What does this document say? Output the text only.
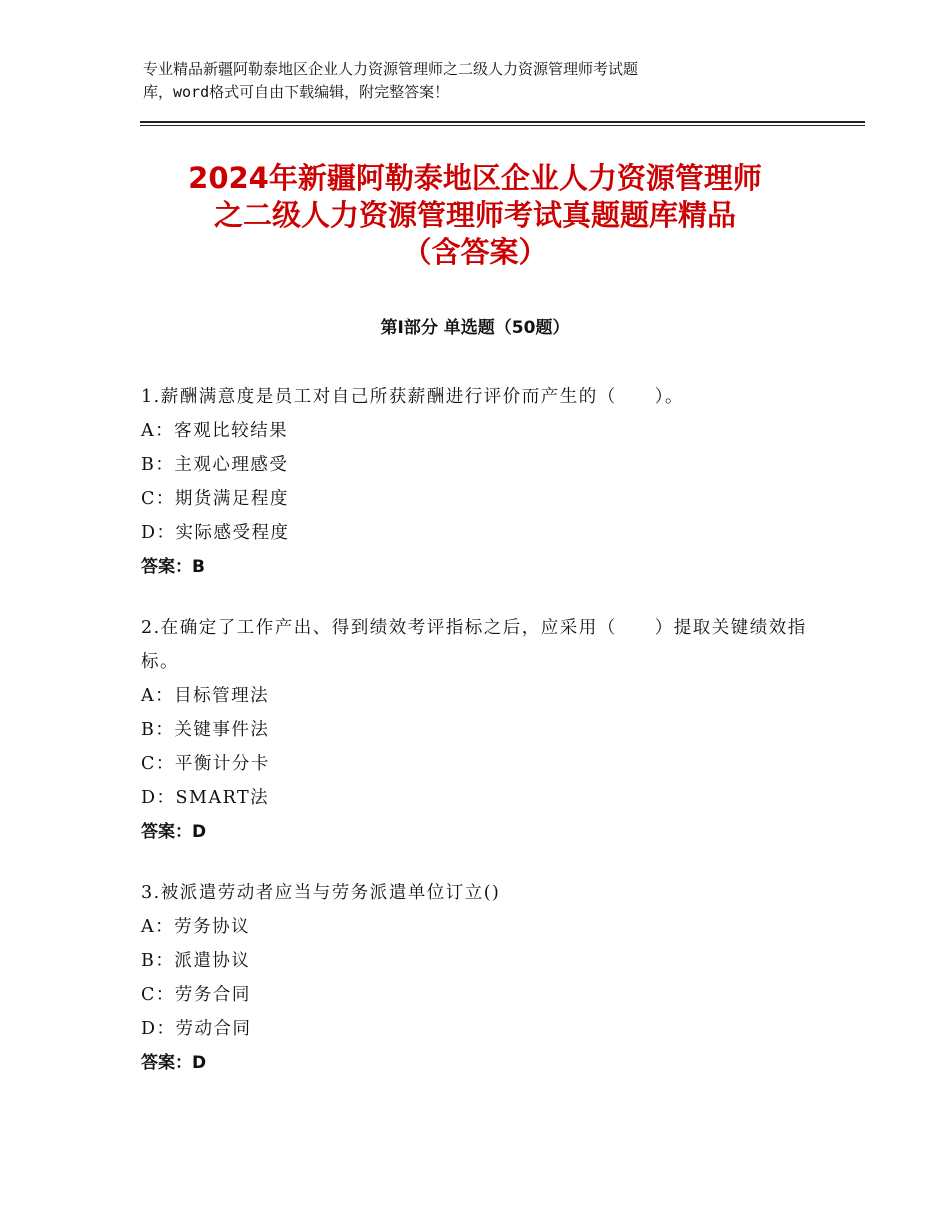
专业精品新疆阿勒泰地区企业人力资源管理师之二级人力资源管理师考试题
库，word格式可自由下载编辑，附完整答案！
2024年新疆阿勒泰地区企业人力资源管理师
之二级人力资源管理师考试真题题库精品
（含答案）
第Ⅰ部分 单选题（50题）
1.薪酬满意度是员工对自己所获薪酬进行评价而产生的（　　）。
A：客观比较结果
B：主观心理感受
C：期货满足程度
D：实际感受程度
答案：B
2.在确定了工作产出、得到绩效考评指标之后，应采用（　　）提取关键绩效指标。
A：目标管理法
B：关键事件法
C：平衡计分卡
D：SMART法
答案：D
3.被派遣劳动者应当与劳务派遣单位订立()
A：劳务协议
B：派遣协议
C：劳务合同
D：劳动合同
答案：D
